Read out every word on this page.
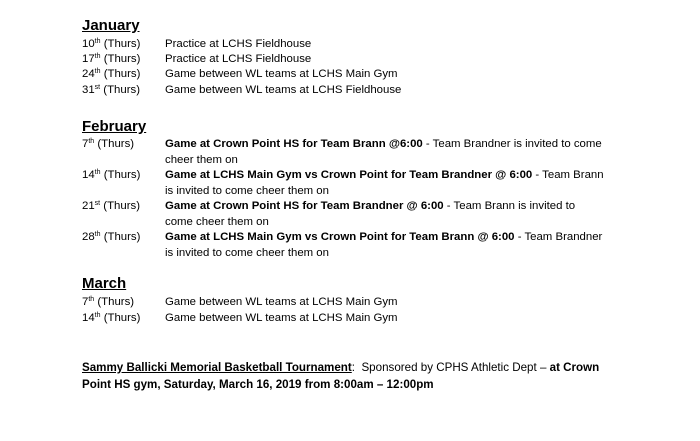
January
10th (Thurs) Practice at LCHS Fieldhouse
17th (Thurs) Practice at LCHS Fieldhouse
24th (Thurs) Game between WL teams at LCHS Main Gym
31st (Thurs) Game between WL teams at LCHS Fieldhouse
February
7th (Thurs)	Game at Crown Point HS for Team Brann @6:00 - Team Brandner is invited to come cheer them on
14th (Thurs) Game at LCHS Main Gym vs Crown Point for Team Brandner @ 6:00 - Team Brann is invited to come cheer them on
21st (Thurs) Game at Crown Point HS for Team Brandner @ 6:00 - Team Brann is invited to come cheer them on
28th (Thurs) Game at LCHS Main Gym vs Crown Point for Team Brann @ 6:00 - Team Brandner is invited to come cheer them on
March
7th (Thurs)	Game between WL teams at LCHS Main Gym
14th (Thurs) Game between WL teams at LCHS Main Gym
Sammy Ballicki Memorial Basketball Tournament:  Sponsored by CPHS Athletic Dept – at Crown Point HS gym, Saturday, March 16, 2019 from 8:00am – 12:00pm
